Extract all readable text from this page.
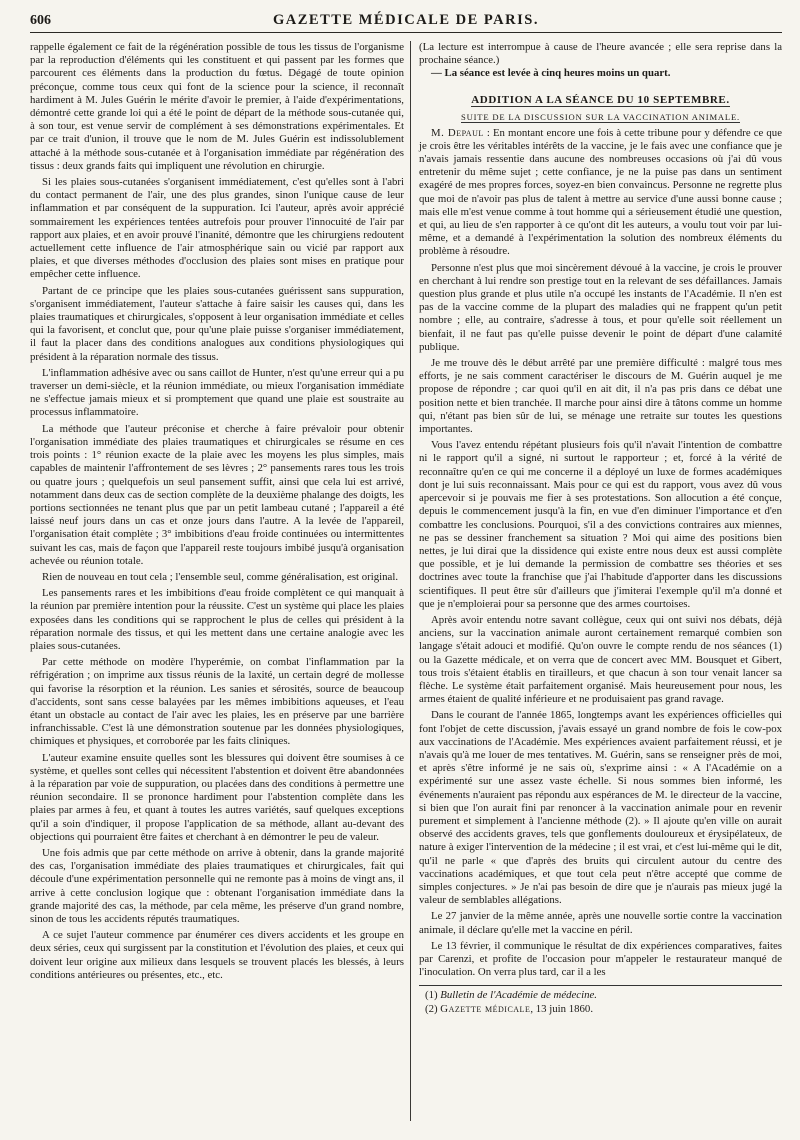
606	GAZETTE MÉDICALE DE PARIS.

rappelle également ce fait de la régénération possible de tous les tissus de l'organisme par la reproduction d'éléments qui les constituent et qui passent par les formes que parcourent ces éléments dans la production du fœtus. Dégagé de toute opinion préconçue, comme tous ceux qui font de la science pour la science, il reconnaît hardiment à M. Jules Guérin le mérite d'avoir le premier, à l'aide d'expérimentations, démontré cette grande loi qui a été le point de départ de la méthode sous-cutanée qui, à son tour, est venue servir de complément à ses démonstrations expérimentales. Et par ce trait d'union, il trouve que le nom de M. Jules Guérin est indissolublement attaché à la méthode sous-cutanée et à l'organisation immédiate par régénération des tissus : deux grands faits qui impliquent une révolution en chirurgie.

Si les plaies sous-cutanées s'organisent immédiatement, c'est qu'elles sont à l'abri du contact permanent de l'air, une des plus grandes, sinon l'unique cause de leur inflammation et par conséquent de la suppuration. Ici l'auteur, après avoir apprécié sommairement les expériences tentées autrefois pour prouver l'innocuité de l'air par rapport aux plaies, et en avoir prouvé l'inanité, démontre que les chirurgiens redoutent actuellement cette influence de l'air atmosphérique sain ou vicié par rapport aux plaies, et que diverses méthodes d'occlusion des plaies sont mises en pratique pour empêcher cette influence.

Partant de ce principe que les plaies sous-cutanées guérissent sans suppuration, s'organisent immédiatement, l'auteur s'attache à faire saisir les causes qui, dans les plaies traumatiques et chirurgicales, s'opposent à leur organisation immédiate et celles qui la favorisent, et conclut que, pour qu'une plaie puisse s'organiser immédiatement, il faut la placer dans des conditions analogues aux conditions physiologiques qui président à la réparation normale des tissus.

L'inflammation adhésive avec ou sans caillot de Hunter, n'est qu'une erreur qui a pu traverser un demi-siècle, et la réunion immédiate, ou mieux l'organisation immédiate ne s'effectue jamais mieux et si promptement que quand une plaie est soustraite au processus inflammatoire.

La méthode que l'auteur préconise et cherche à faire prévaloir pour obtenir l'organisation immédiate des plaies traumatiques et chirurgicales se résume en ces trois points : 1° réunion exacte de la plaie avec les moyens les plus simples, mais capables de maintenir l'affrontement de ses lèvres ; 2° pansements rares tous les trois ou quatre jours ; quelquefois un seul pansement suffit, ainsi que cela lui est arrivé, notamment dans deux cas de section complète de la deuxième phalange des doigts, les portions sectionnées ne tenant plus que par un petit lambeau cutané ; l'appareil a été laissé neuf jours dans un cas et onze jours dans l'autre. A la levée de l'appareil, l'organisation était complète ; 3° imbibitions d'eau froide continuées ou intermittentes suivant les cas, mais de façon que l'appareil reste toujours imbibé jusqu'à organisation achevée ou réunion totale.

Rien de nouveau en tout cela ; l'ensemble seul, comme généralisation, est original.

Les pansements rares et les imbibitions d'eau froide complètent ce qui manquait à la réunion par première intention pour la réussite. C'est un système qui place les plaies exposées dans les conditions qui se rapprochent le plus de celles qui président à la réparation normale des tissus, et qui les mettent dans une certaine analogie avec les plaies sous-cutanées.

Par cette méthode on modère l'hyperémie, on combat l'inflammation par la réfrigération ; on imprime aux tissus réunis de la laxité, un certain degré de mollesse qui favorise la résorption et la réunion. Les sanies et sérosités, source de beaucoup d'accidents, sont sans cesse balayées par les mêmes imbibitions aqueuses, et l'eau étant un obstacle au contact de l'air avec les plaies, les en préserve par une barrière infranchissable. C'est là une démonstration soutenue par les données physiologiques, chimiques et physiques, et corroborée par les faits cliniques.

L'auteur examine ensuite quelles sont les blessures qui doivent être soumises à ce système, et quelles sont celles qui nécessitent l'abstention et doivent être abandonnées à la réparation par voie de suppuration, ou placées dans des conditions à permettre une réunion secondaire. Il se prononce hardiment pour l'abstention complète dans les plaies par armes à feu, et quant à toutes les autres variétés, sauf quelques exceptions qu'il a soin d'indiquer, il propose l'application de sa méthode, allant au-devant des objections qui pourraient être faites et cherchant à en démontrer le peu de valeur.

Une fois admis que par cette méthode on arrive à obtenir, dans la grande majorité des cas, l'organisation immédiate des plaies traumatiques et chirurgicales, fait qui découle d'une expérimentation personnelle qui ne remonte pas à moins de vingt ans, il arrive à cette conclusion logique que : obtenant l'organisation immédiate dans la grande majorité des cas, la méthode, par cela même, les préserve d'un grand nombre, sinon de tous les accidents réputés traumatiques.

A ce sujet l'auteur commence par énumérer ces divers accidents et les groupe en deux séries, ceux qui surgissent par la constitution et l'évolution des plaies, et ceux qui doivent leur origine aux milieux dans lesquels se trouvent placés les blessés, à leurs conditions antérieures ou présentes, etc., etc.

(La lecture est interrompue à cause de l'heure avancée ; elle sera reprise dans la prochaine séance.)

— La séance est levée à cinq heures moins un quart.

ADDITION A LA SÉANCE DU 10 SEPTEMBRE.
SUITE DE LA DISCUSSION SUR LA VACCINATION ANIMALE.

M. Depaul : En montant encore une fois à cette tribune pour y défendre ce que je crois être les véritables intérêts de la vaccine, je le fais avec une confiance que je n'avais jamais ressentie dans aucune des nombreuses occasions où j'ai dû vous entretenir du même sujet ; cette confiance, je ne la puise pas dans un sentiment exagéré de mes propres forces, soyez-en bien convaincus. Personne ne regrette plus que moi de n'avoir pas plus de talent à mettre au service d'une aussi bonne cause ; mais elle m'est venue comme à tout homme qui a sérieusement étudié une question, et qui, au lieu de s'en rapporter à ce qu'ont dit les auteurs, a voulu tout voir par lui-même, et a demandé à l'expérimentation la solution des nombreux éléments du problème à résoudre.

Personne n'est plus que moi sincèrement dévoué à la vaccine, je crois le prouver en cherchant à lui rendre son prestige tout en la relevant de ses défaillances. Jamais question plus grande et plus utile n'a occupé les instants de l'Académie. Il n'en est pas de la vaccine comme de la plupart des maladies qui ne frappent qu'un petit nombre ; elle, au contraire, s'adresse à tous, et pour qu'elle soit réellement un bienfait, il ne faut pas qu'elle puisse devenir le point de départ d'une calamité publique.

Je me trouve dès le début arrêté par une première difficulté : malgré tous mes efforts, je ne sais comment caractériser le discours de M. Guérin auquel je me propose de répondre ; car quoi qu'il en ait dit, il n'a pas pris dans ce débat une position nette et bien tranchée. Il marche pour ainsi dire à tâtons comme un homme qui, n'étant pas bien sûr de lui, se ménage une retraite sur toutes les questions importantes.

Vous l'avez entendu répétant plusieurs fois qu'il n'avait l'intention de combattre ni le rapport qu'il a signé, ni surtout le rapporteur ; et, forcé à la vérité de reconnaître qu'en ce qui me concerne il a déployé un luxe de formes académiques dont je lui suis reconnaissant. Mais pour ce qui est du rapport, vous avez dû vous apercevoir si je pouvais me fier à ses protestations. Son allocution a été conçue, depuis le commencement jusqu'à la fin, en vue d'en diminuer l'importance et d'en combattre les conclusions. Pourquoi, s'il a des convictions contraires aux miennes, ne pas se dessiner franchement sa situation ? Moi qui aime des positions bien nettes, je lui dirai que la dissidence qui existe entre nous deux est aussi complète que possible, et je lui demande la permission de combattre ses théories et ses doctrines avec toute la franchise que j'ai l'habitude d'apporter dans les discussions scientifiques. Il peut être sûr d'ailleurs que j'imiterai l'exemple qu'il m'a donné et que je n'emploierai pour sa personne que des armes courtoises.

Après avoir entendu notre savant collègue, ceux qui ont suivi nos débats, déjà anciens, sur la vaccination animale auront certainement remarqué combien son langage s'était adouci et modifié. Qu'on ouvre le compte rendu de nos séances (1) ou la Gazette médicale, et on verra que de concert avec MM. Bousquet et Gibert, tous trois s'étaient établis en tirailleurs, et que chacun à son tour venait lancer sa flèche. Le système était parfaitement organisé. Mais heureusement pour nous, les armes étaient de qualité inférieure et ne produisaient pas grand ravage.

Dans le courant de l'année 1865, longtemps avant les expériences officielles qui font l'objet de cette discussion, j'avais essayé un grand nombre de fois le cow-pox aux vaccinations de l'Académie. Mes expériences avaient parfaitement réussi, et je n'avais qu'à me louer de mes tentatives. M. Guérin, sans se renseigner près de moi, et après s'être informé je ne sais où, s'exprime ainsi : « A l'Académie on a expérimenté sur une assez vaste échelle. Si nous sommes bien informé, les événements n'auraient pas répondu aux espérances de M. le directeur de la vaccine, si bien que l'on aurait fini par renoncer à la vaccination animale pour en revenir purement et simplement à l'ancienne méthode (2). » Il ajoute qu'en ville on aurait observé des accidents graves, tels que gonflements douloureux et érysipélateux, de nature à exiger l'intervention de la médecine ; il est vrai, et c'est lui-même qui le dit, qu'il ne parle « que d'après des bruits qui circulent autour du centre des vaccinations académiques, et que tout cela peut n'être accepté que comme de simples conjectures. » Je n'ai pas besoin de dire que je n'aurais pas mieux jugé la valeur de semblables allégations.

Le 27 janvier de la même année, après une nouvelle sortie contre la vaccination animale, il déclare qu'elle met la vaccine en péril.

Le 13 février, il communique le résultat de dix expériences comparatives, faites par Carenzi, et profite de l'occasion pour m'appeler le restaurateur manqué de l'inoculation. On verra plus tard, car il a les

(1) Bulletin de l'Académie de médecine.

(2) Gazette médicale, 13 juin 1860.
